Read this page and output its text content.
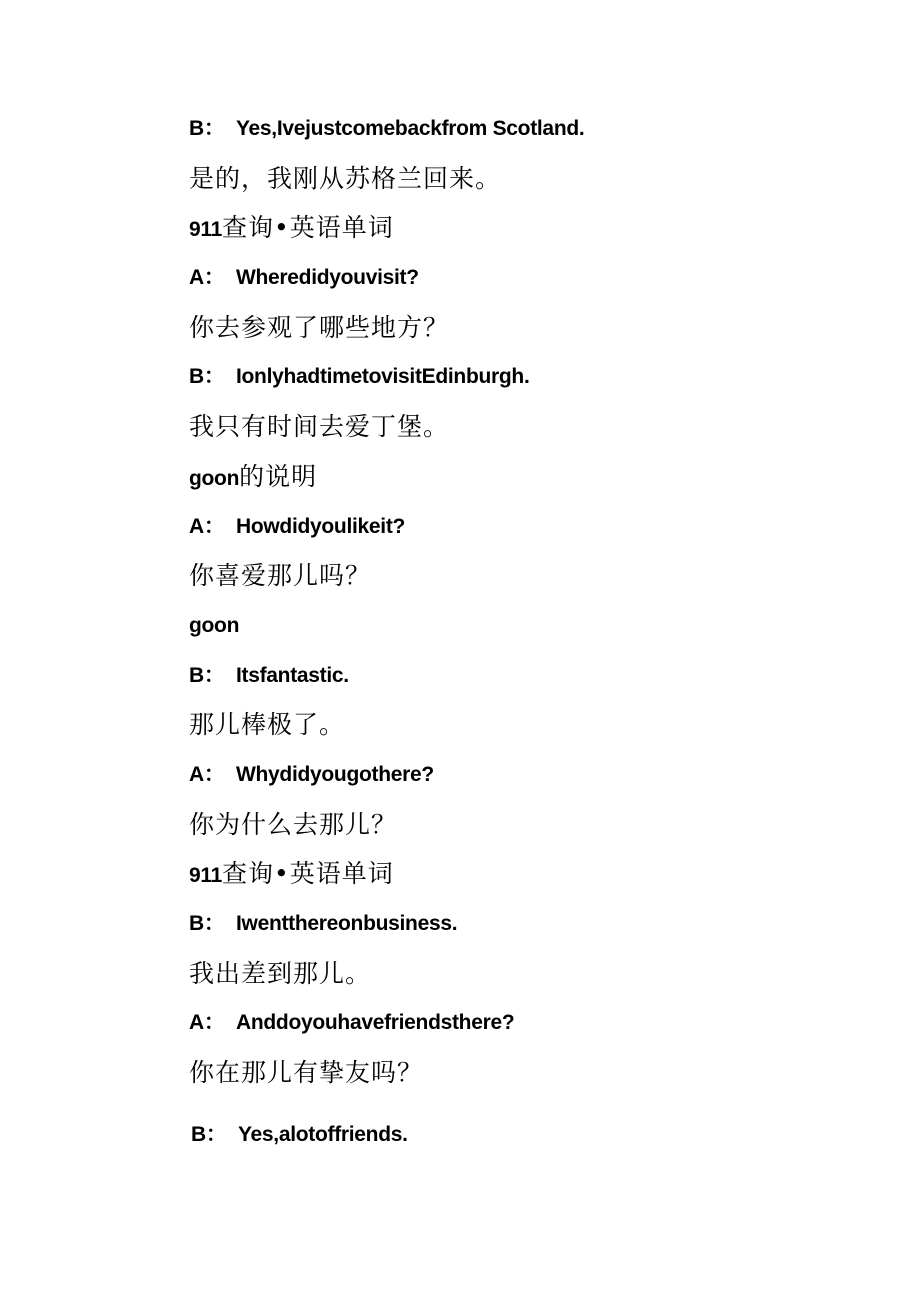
B： Yes,Ivejustcomebackfrom Scotland.
是的，我刚从苏格兰回来。
911查询•英语单词
A： Wheredidyouvisit?
你去参观了哪些地方？
B： IonlyhadtimetovisitEdinburgh.
我只有时间去爱丁堡。
goon的说明
A： Howdidyoulikeit?
你喜爱那儿吗？
goon
B： Itsfantastic.
那儿棒极了。
A： Whydidyougothere?
你为什么去那儿？
911查询•英语单词
B： Iwentthereonbusiness.
我出差到那儿。
A： Anddoyouhavefriendsthere?
你在那儿有挚友吗？
B： Yes,alotoffriends.
